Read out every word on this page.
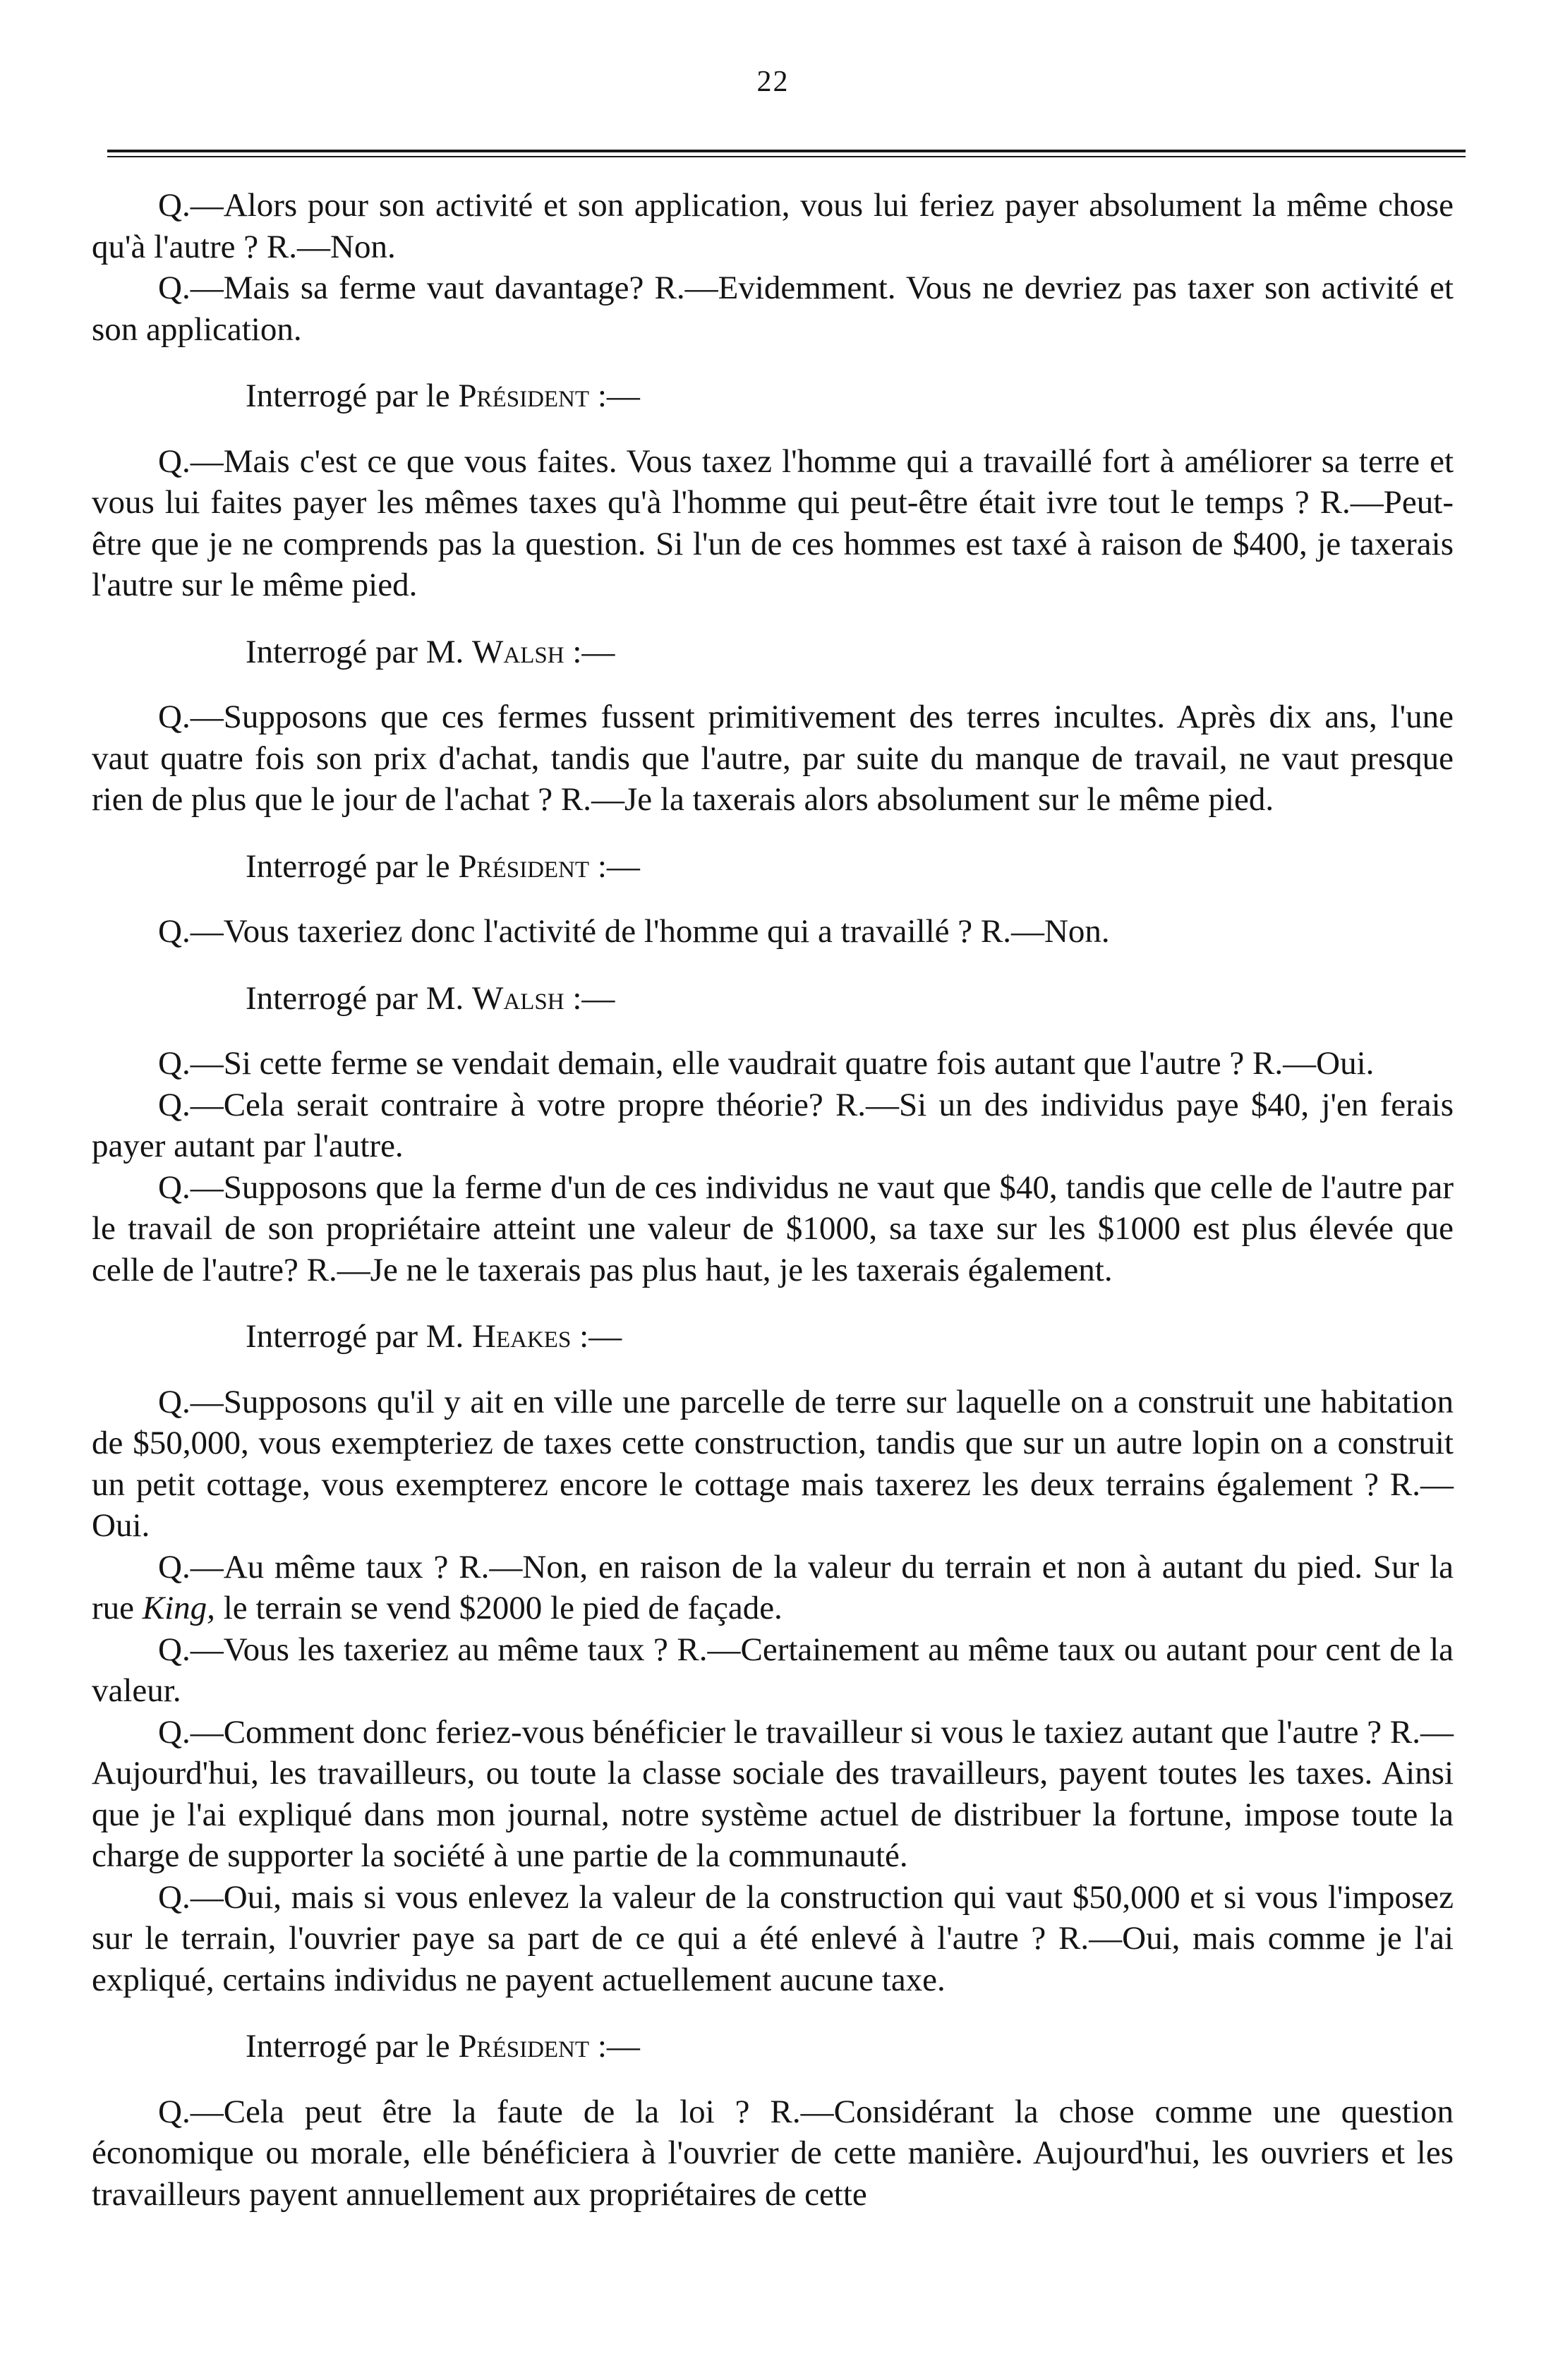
22

Q.—Alors pour son activité et son application, vous lui feriez payer absolument la même chose qu'à l'autre ? R.—Non.

Q.—Mais sa ferme vaut davantage? R.—Evidemment. Vous ne devriez pas taxer son activité et son application.

Interrogé par le Président :—

Q.—Mais c'est ce que vous faites. Vous taxez l'homme qui a travaillé fort à améliorer sa terre et vous lui faites payer les mêmes taxes qu'à l'homme qui peut-être était ivre tout le temps ? R.—Peut-être que je ne comprends pas la question. Si l'un de ces hommes est taxé à raison de $400, je taxerais l'autre sur le même pied.

Interrogé par M. Walsh :—

Q.—Supposons que ces fermes fussent primitivement des terres incultes. Après dix ans, l'une vaut quatre fois son prix d'achat, tandis que l'autre, par suite du manque de travail, ne vaut presque rien de plus que le jour de l'achat ? R.—Je la taxerais alors absolument sur le même pied.

Interrogé par le Président :—

Q.—Vous taxeriez donc l'activité de l'homme qui a travaillé ? R.—Non.

Interrogé par M. Walsh :—

Q.—Si cette ferme se vendait demain, elle vaudrait quatre fois autant que l'autre ? R.—Oui.

Q.—Cela serait contraire à votre propre théorie? R.—Si un des individus paye $40, j'en ferais payer autant par l'autre.

Q.—Supposons que la ferme d'un de ces individus ne vaut que $40, tandis que celle de l'autre par le travail de son propriétaire atteint une valeur de $1000, sa taxe sur les $1000 est plus élevée que celle de l'autre? R.—Je ne le taxerais pas plus haut, je les taxerais également.

Interrogé par M. Heakes :—

Q.—Supposons qu'il y ait en ville une parcelle de terre sur laquelle on a construit une habitation de $50,000, vous exempteriez de taxes cette construction, tandis que sur un autre lopin on a construit un petit cottage, vous exempterez encore le cottage mais taxerez les deux terrains également ? R.—Oui.

Q.—Au même taux ? R.—Non, en raison de la valeur du terrain et non à autant du pied. Sur la rue King, le terrain se vend $2000 le pied de façade.

Q.—Vous les taxeriez au même taux ? R.—Certainement au même taux ou autant pour cent de la valeur.

Q.—Comment donc feriez-vous bénéficier le travailleur si vous le taxiez autant que l'autre ? R.—Aujourd'hui, les travailleurs, ou toute la classe sociale des travailleurs, payent toutes les taxes. Ainsi que je l'ai expliqué dans mon journal, notre système actuel de distribuer la fortune, impose toute la charge de supporter la société à une partie de la communauté.

Q.—Oui, mais si vous enlevez la valeur de la construction qui vaut $50,000 et si vous l'imposez sur le terrain, l'ouvrier paye sa part de ce qui a été enlevé à l'autre ? R.—Oui, mais comme je l'ai expliqué, certains individus ne payent actuellement aucune taxe.

Interrogé par le Président :—

Q.—Cela peut être la faute de la loi ? R.—Considérant la chose comme une question économique ou morale, elle bénéficiera à l'ouvrier de cette manière. Aujourd'hui, les ouvriers et les travailleurs payent annuellement aux propriétaires de cette
